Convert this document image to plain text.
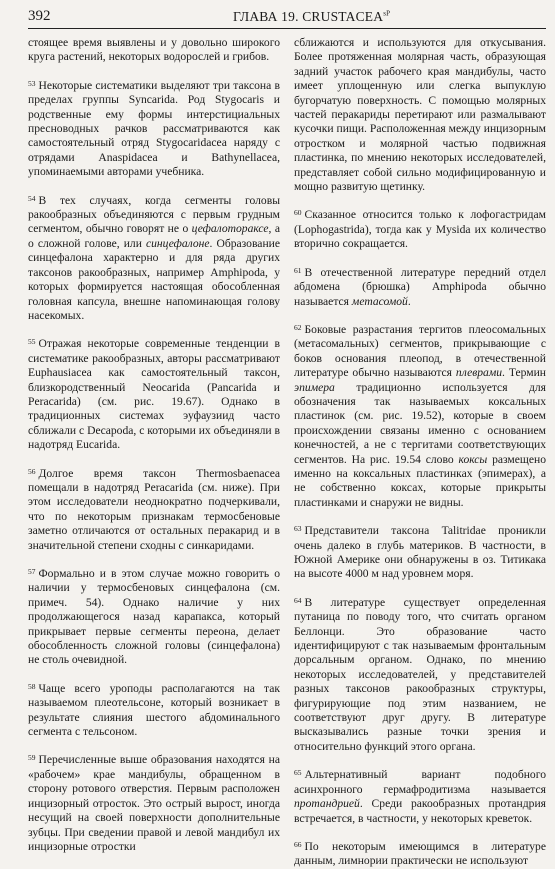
392	ГЛАВА 19. $CRUSTACEA^{sP}$

стоящее время выявлены и у довольно широкого круга растений, некоторых водорослей и грибов.

$^{53}$ Некоторые систематики выделяют три таксона в пределах группы Syncarida. Род Stygocaris и родственные ему формы интерстициальных пресноводных рачков рассматриваются как самостоятельный отряд Stygocaridacea наряду с отрядами Anaspidacea и Bathynellacea, упоминаемыми авторами учебника.

$^{54}$ В тех случаях, когда сегменты головы ракообразных объединяются с первым грудным сегментом, обычно говорят не о цефалотораксе, а о сложной голове, или синцефалоне. Образование синцефалона характерно и для ряда других таксонов ракообразных, например Amphipoda, у которых формируется настоящая обособленная головная капсула, внешне напоминающая голову насекомых.

$^{55}$ Отражая некоторые современные тенденции в систематике ракообразных, авторы рассматривают Euphausiacea как самостоятельный таксон, близкородственный Neocarida (Pancarida и Peracarida) (см. рис. 19.67). Однако в традиционных системах эуфаузиид часто сближали с Decapoda, с которыми их объединяли в надотряд Eucarida.

$^{56}$ Долгое время таксон Thermosbaenacea помещали в надотряд Peracarida (см. ниже). При этом исследователи неоднократно подчеркивали, что по некоторым признакам термосбеновые заметно отличаются от остальных перакарид и в значительной степени сходны с синкаридами.

$^{57}$ Формально и в этом случае можно говорить о наличии у термосбеновых синцефалона (см. примеч. 54). Однако наличие у них продолжающегося назад карапакса, который прикрывает первые сегменты переона, делает обособленность сложной головы (синцефалона) не столь очевидной.

$^{58}$ Чаще всего уроподы располагаются на так называемом плеотельсоне, который возникает в результате слияния шестого абдоминального сегмента с тельсоном.

$^{59}$ Перечисленные выше образования находятся на «рабочем» крае мандибулы, обращенном в сторону ротового отверстия. Первым расположен инцизорный отросток. Это острый вырост, иногда несущий на своей поверхности дополнительные зубцы. При сведении правой и левой мандибул их инцизорные отростки

сближаются и используются для откусывания. Более протяженная молярная часть, образующая задний участок рабочего края мандибулы, часто имеет уплощенную или слегка выпуклую бугорчатую поверхность. С помощью молярных частей перакариды перетирают или размалывают кусочки пищи. Расположенная между инцизорным отростком и молярной частью подвижная пластинка, по мнению некоторых исследователей, представляет собой сильно модифицированную и мощно развитую щетинку.

$^{60}$ Сказанное относится только к лофогастридам (Lophogastrida), тогда как у Mysida их количество вторично сокращается.

$^{61}$ В отечественной литературе передний отдел абдомена (брюшка) Amphipoda обычно называется метасомой.

$^{62}$ Боковые разрастания тергитов плеосомальных (метасомальных) сегментов, прикрывающие с боков основания плеопод, в отечественной литературе обычно называются плеврами. Термин эпимера традиционно используется для обозначения так называемых коксальных пластинок (см. рис. 19.52), которые в своем происхождении связаны именно с основанием конечностей, а не с тергитами соответствующих сегментов. На рис. 19.54 слово коксы размещено именно на коксальных пластинках (эпимерах), а не собственно коксах, которые прикрыты пластинками и снаружи не видны.

$^{63}$ Представители таксона Talitridae проникли очень далеко в глубь материков. В частности, в Южной Америке они обнаружены в оз. Титикака на высоте 4000 м над уровнем моря.

$^{64}$ В литературе существует определенная путаница по поводу того, что считать органом Беллонци. Это образование часто идентифицируют с так называемым фронтальным дорсальным органом. Однако, по мнению некоторых исследователей, у представителей разных таксонов ракообразных структуры, фигурирующие под этим названием, не соответствуют друг другу. В литературе высказывались разные точки зрения и относительно функций этого органа.

$^{65}$ Альтернативный вариант подобного асинхронного гермафродитизма называется протандрией. Среди ракообразных протандрия встречается, в частности, у некоторых креветок.

$^{66}$ По некоторым имеющимся в литературе данным, лимнории практически не используют
